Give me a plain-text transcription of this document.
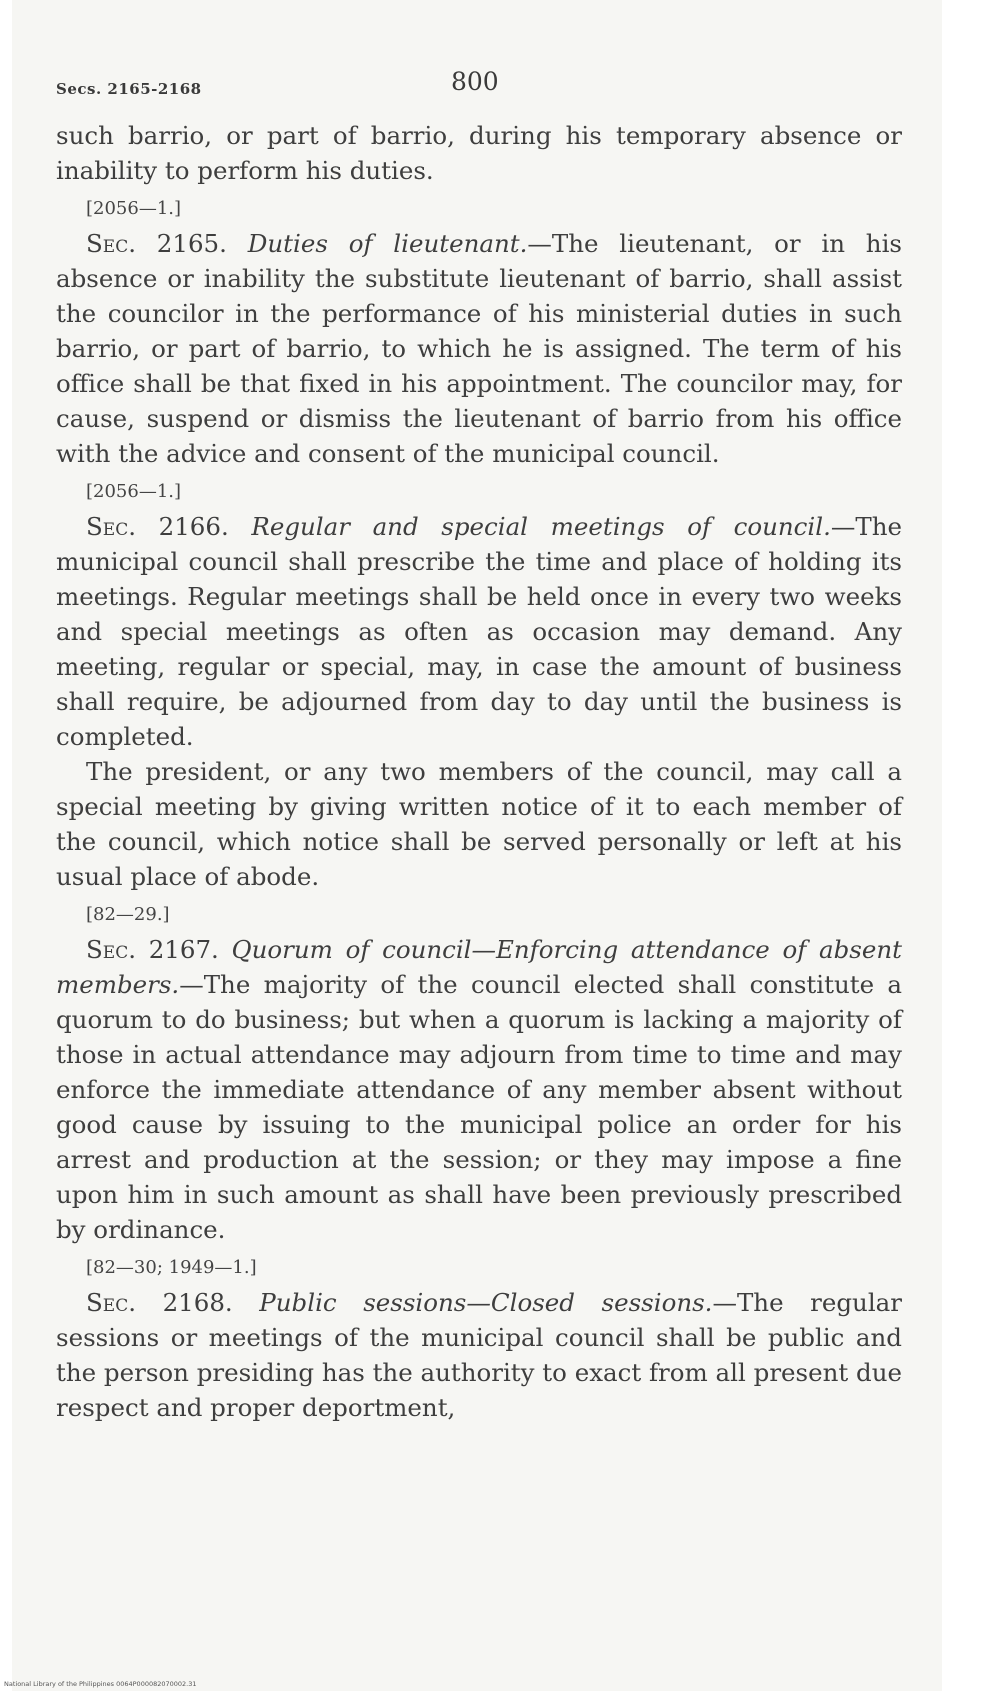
Secs. 2165-2168	800

such barrio, or part of barrio, during his temporary absence or inability to perform his duties.

[2056—1.]

Sec. 2165. Duties of lieutenant.—The lieutenant, or in his absence or inability the substitute lieutenant of barrio, shall assist the councilor in the performance of his ministerial duties in such barrio, or part of barrio, to which he is assigned. The term of his office shall be that fixed in his appointment. The councilor may, for cause, suspend or dismiss the lieutenant of barrio from his office with the advice and consent of the municipal council.

[2056—1.]

Sec. 2166. Regular and special meetings of council.—The municipal council shall prescribe the time and place of holding its meetings. Regular meetings shall be held once in every two weeks and special meetings as often as occasion may demand. Any meeting, regular or special, may, in case the amount of business shall require, be adjourned from day to day until the business is completed.

The president, or any two members of the council, may call a special meeting by giving written notice of it to each member of the council, which notice shall be served personally or left at his usual place of abode.

[82—29.]

Sec. 2167. Quorum of council—Enforcing attendance of absent members.—The majority of the council elected shall constitute a quorum to do business; but when a quorum is lacking a majority of those in actual attendance may adjourn from time to time and may enforce the immediate attendance of any member absent without good cause by issuing to the municipal police an order for his arrest and production at the session; or they may impose a fine upon him in such amount as shall have been previously prescribed by ordinance.

[82—30; 1949—1.]

Sec. 2168. Public sessions—Closed sessions.—The regular sessions or meetings of the municipal council shall be public and the person presiding has the authority to exact from all present due respect and proper deportment,

National Library of the Philippines 0064P000082070002.31
